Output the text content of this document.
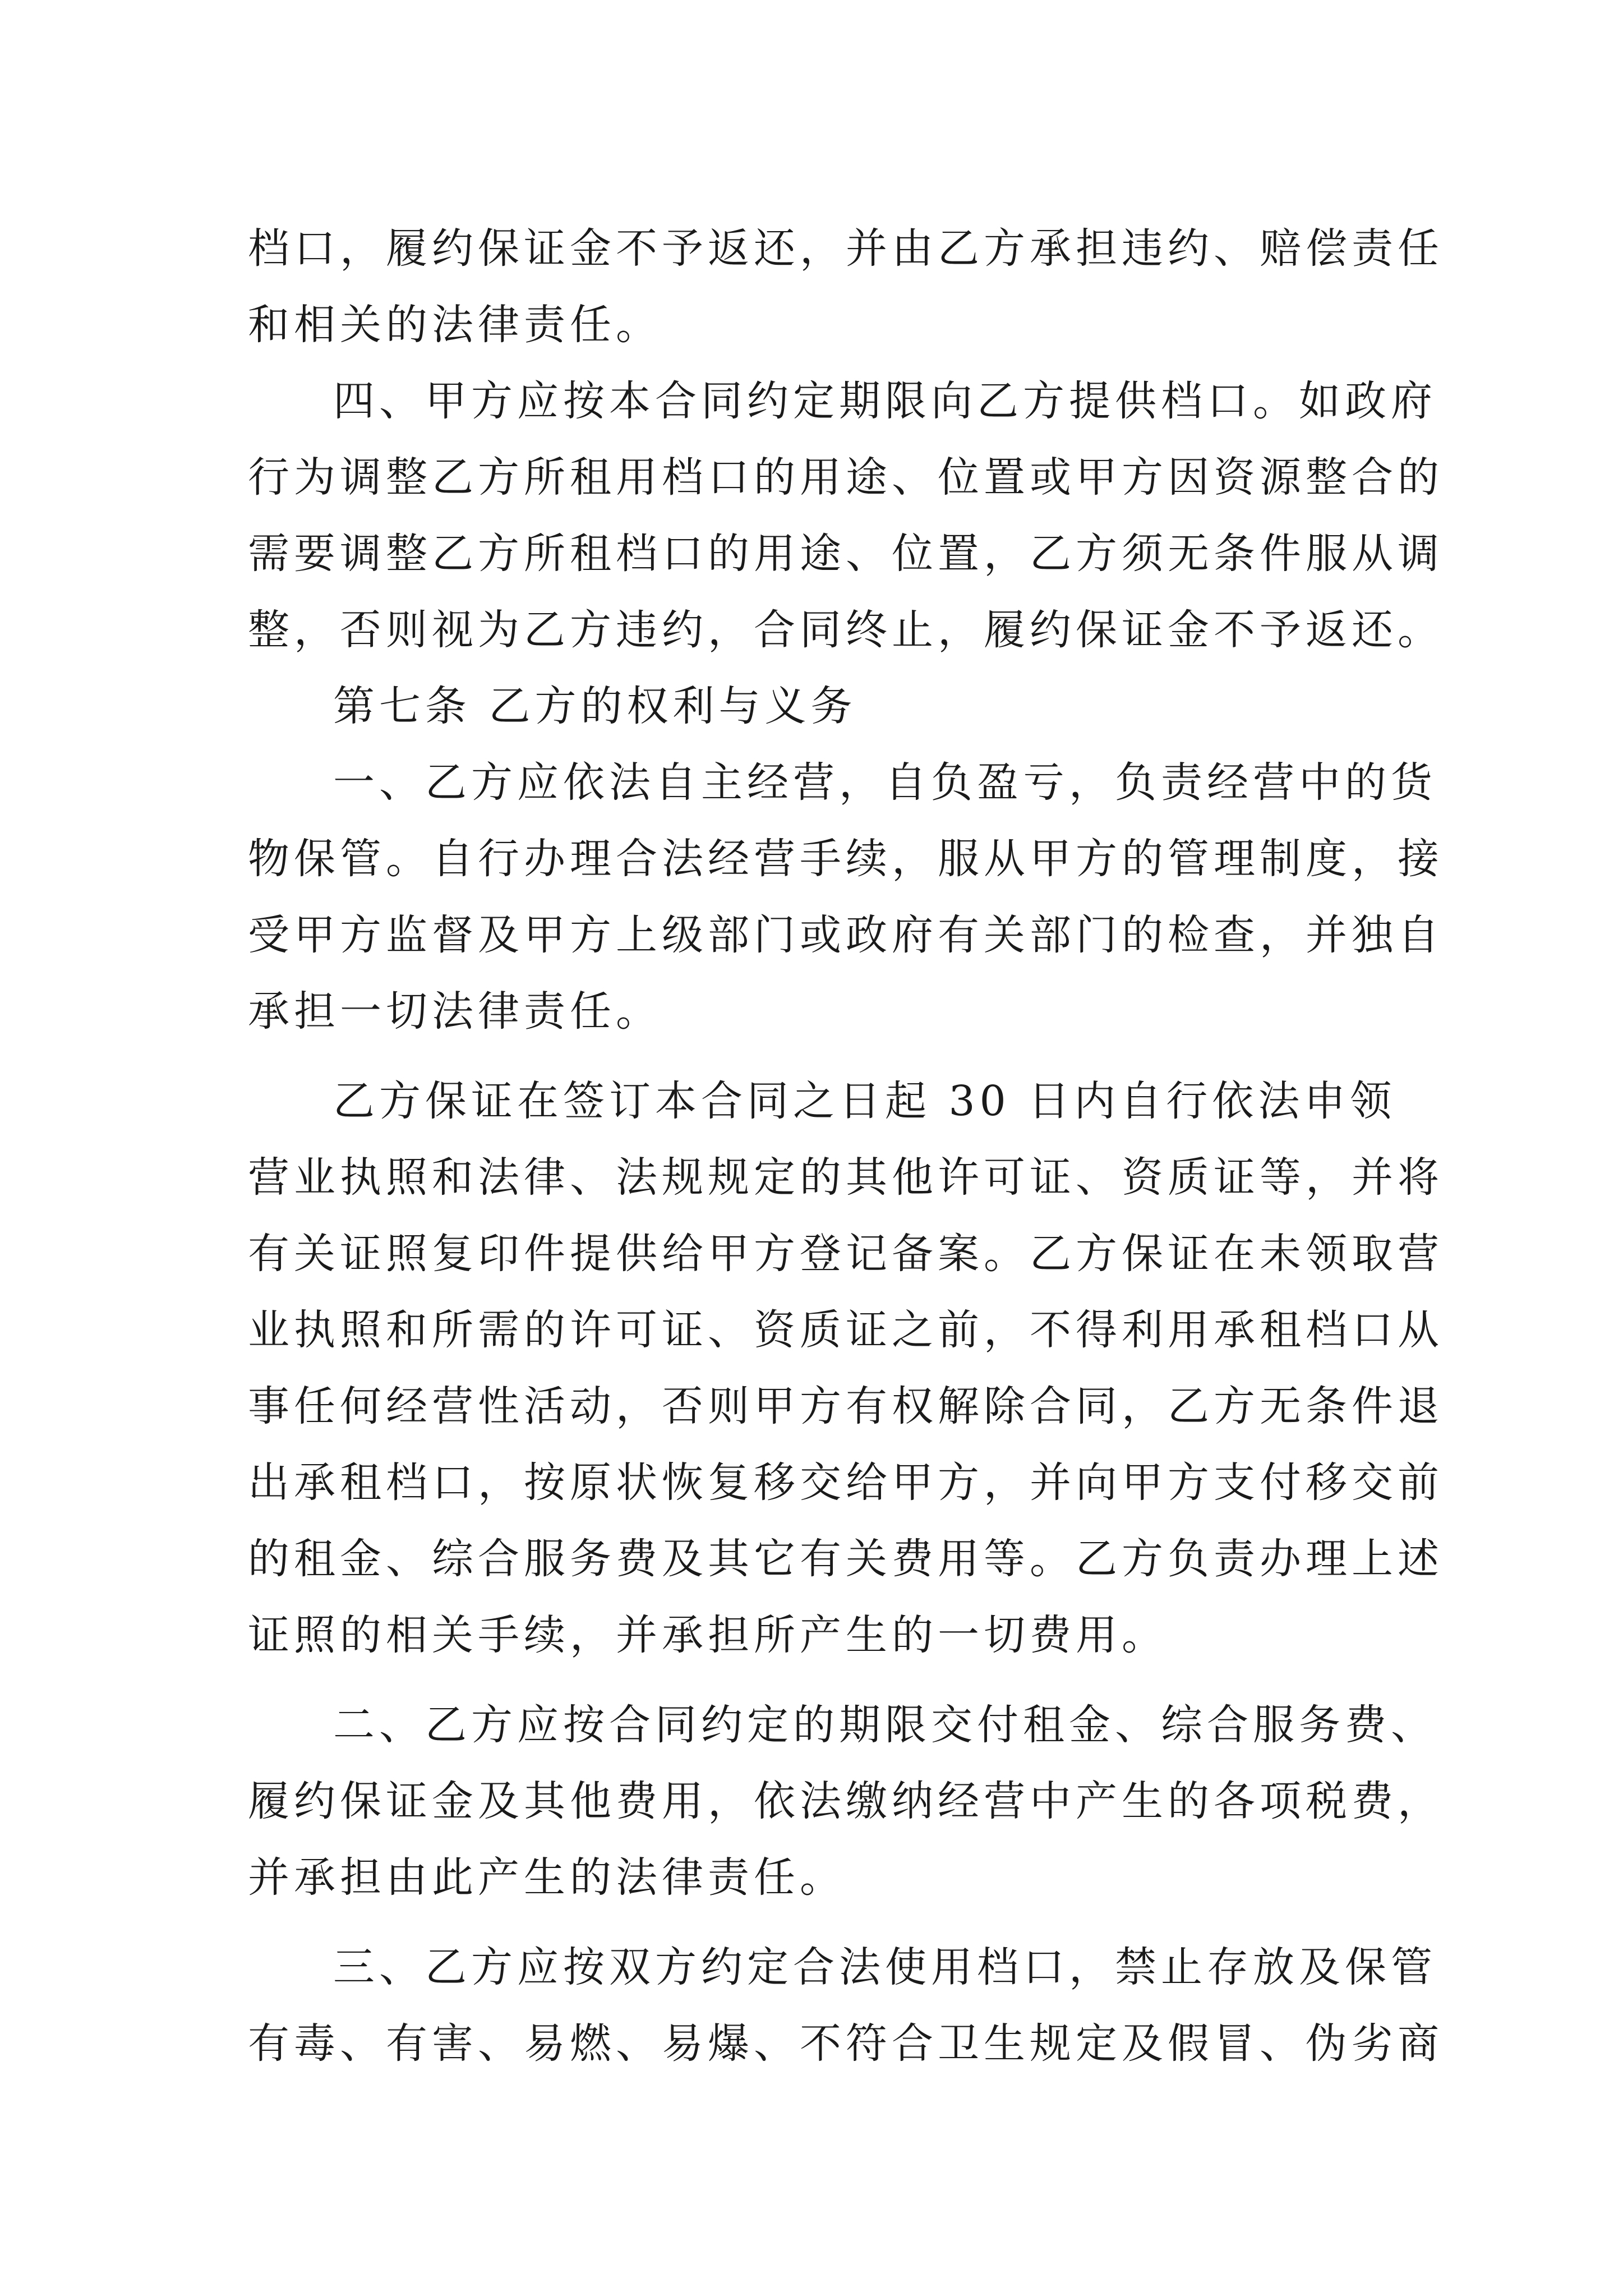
档口，履约保证金不予返还，并由乙方承担违约、赔偿责任
和相关的法律责任。
四、甲方应按本合同约定期限向乙方提供档口。如政府
行为调整乙方所租用档口的用途、位置或甲方因资源整合的
需要调整乙方所租档口的用途、位置，乙方须无条件服从调
整，否则视为乙方违约，合同终止，履约保证金不予返还。
第七条 乙方的权利与义务
一、乙方应依法自主经营，自负盈亏，负责经营中的货
物保管。自行办理合法经营手续，服从甲方的管理制度，接
受甲方监督及甲方上级部门或政府有关部门的检查，并独自
承担一切法律责任。
乙方保证在签订本合同之日起 30 日内自行依法申领
营业执照和法律、法规规定的其他许可证、资质证等，并将
有关证照复印件提供给甲方登记备案。乙方保证在未领取营
业执照和所需的许可证、资质证之前，不得利用承租档口从
事任何经营性活动，否则甲方有权解除合同，乙方无条件退
出承租档口，按原状恢复移交给甲方，并向甲方支付移交前
的租金、综合服务费及其它有关费用等。乙方负责办理上述
证照的相关手续，并承担所产生的一切费用。
二、乙方应按合同约定的期限交付租金、综合服务费、
履约保证金及其他费用，依法缴纳经营中产生的各项税费，
并承担由此产生的法律责任。
三、乙方应按双方约定合法使用档口，禁止存放及保管
有毒、有害、易燃、易爆、不符合卫生规定及假冒、伪劣商
